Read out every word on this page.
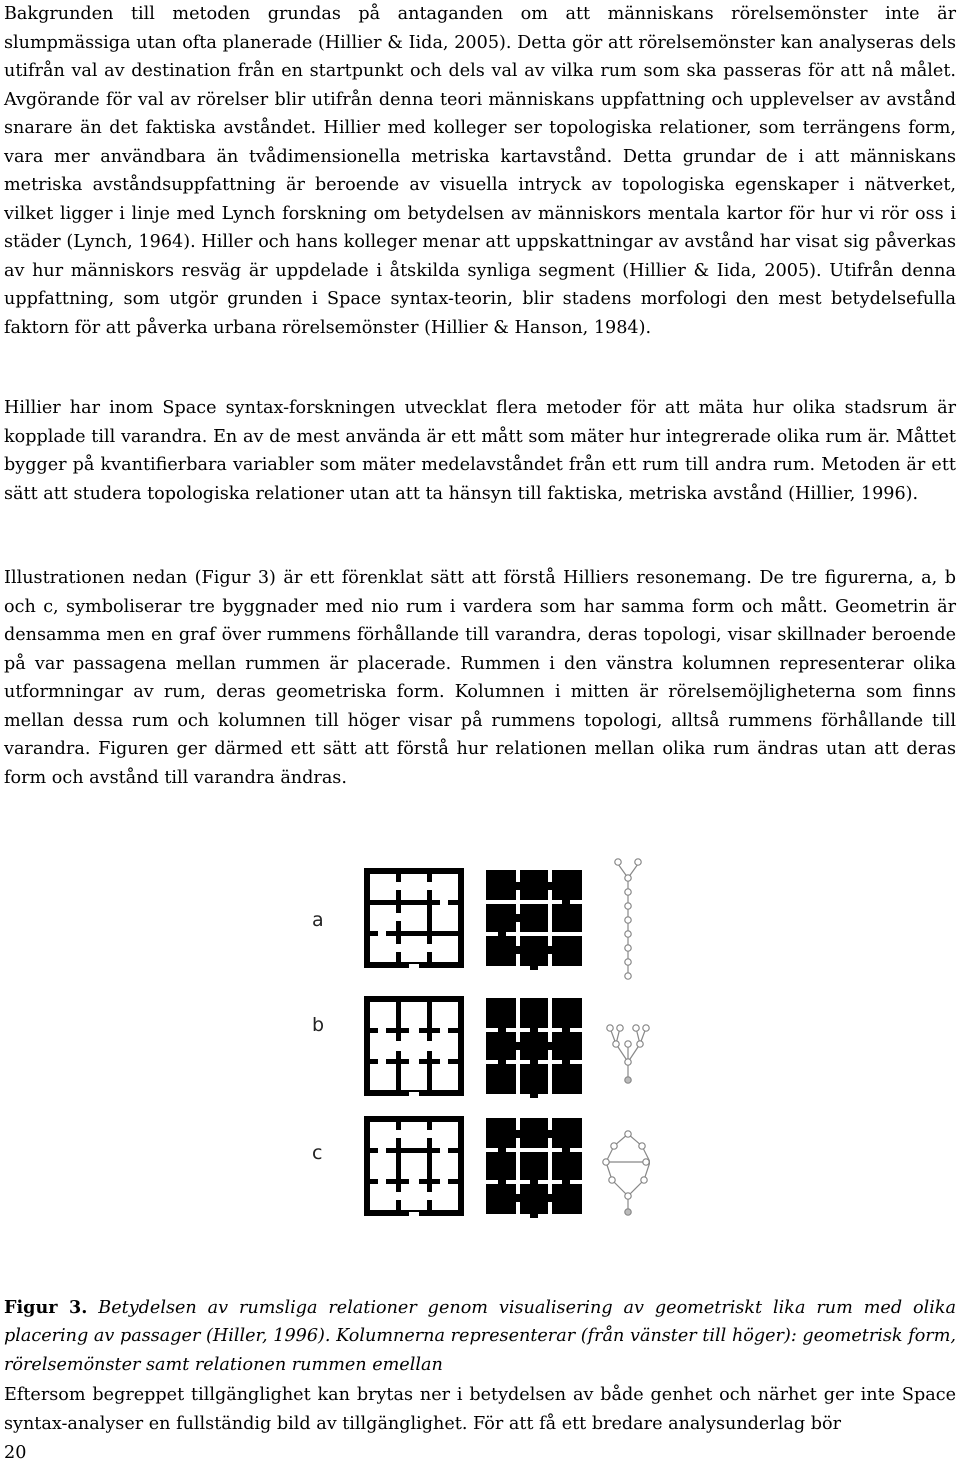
Bakgrunden till metoden grundas på antaganden om att människans rörelsemönster inte är slumpmässiga utan ofta planerade (Hillier & Iida, 2005). Detta gör att rörelsemönster kan analyseras dels utifrån val av destination från en startpunkt och dels val av vilka rum som ska passeras för att nå målet. Avgörande för val av rörelser blir utifrån denna teori människans uppfattning och upplevelser av avstånd snarare än det faktiska avståndet. Hillier med kolleger ser topologiska relationer, som terrängens form, vara mer användbara än tvådimensionella metriska kartavstånd. Detta grundar de i att människans metriska avståndsuppfattning är beroende av visuella intryck av topologiska egenskaper i nätverket, vilket ligger i linje med Lynch forskning om betydelsen av människors mentala kartor för hur vi rör oss i städer (Lynch, 1964). Hiller och hans kolleger menar att uppskattningar av avstånd har visat sig påverkas av hur människors resväg är uppdelade i åtskilda synliga segment (Hillier & Iida, 2005). Utifrån denna uppfattning, som utgör grunden i Space syntax-teorin, blir stadens morfologi den mest betydelsefulla faktorn för att påverka urbana rörelsemönster (Hillier & Hanson, 1984).

Hillier har inom Space syntax-forskningen utvecklat flera metoder för att mäta hur olika stadsrum är kopplade till varandra. En av de mest använda är ett mått som mäter hur integrerade olika rum är. Måttet bygger på kvantifierbara variabler som mäter medelavståndet från ett rum till andra rum. Metoden är ett sätt att studera topologiska relationer utan att ta hänsyn till faktiska, metriska avstånd (Hillier, 1996).

Illustrationen nedan (Figur 3) är ett förenklat sätt att förstå Hilliers resonemang. De tre figurerna, a, b och c, symboliserar tre byggnader med nio rum i vardera som har samma form och mått. Geometrin är densamma men en graf över rummens förhållande till varandra, deras topologi, visar skillnader beroende på var passagena mellan rummen är placerade. Rummen i den vänstra kolumnen representerar olika utformningar av rum, deras geometriska form. Kolumnen i mitten är rörelsemöjligheterna som finns mellan dessa rum och kolumnen till höger visar på rummens topologi, alltså rummens förhållande till varandra. Figuren ger därmed ett sätt att förstå hur relationen mellan olika rum ändras utan att deras form och avstånd till varandra ändras.

a
b
c

Figur 3. Betydelsen av rumsliga relationer genom visualisering av geometriskt lika rum med olika placering av passager (Hiller, 1996). Kolumnerna representerar (från vänster till höger): geometrisk form, rörelsemönster samt relationen rummen emellan

Eftersom begreppet tillgänglighet kan brytas ner i betydelsen av både genhet och närhet ger inte Space syntax-analyser en fullständig bild av tillgänglighet. För att få ett bredare analysunderlag bör

20
